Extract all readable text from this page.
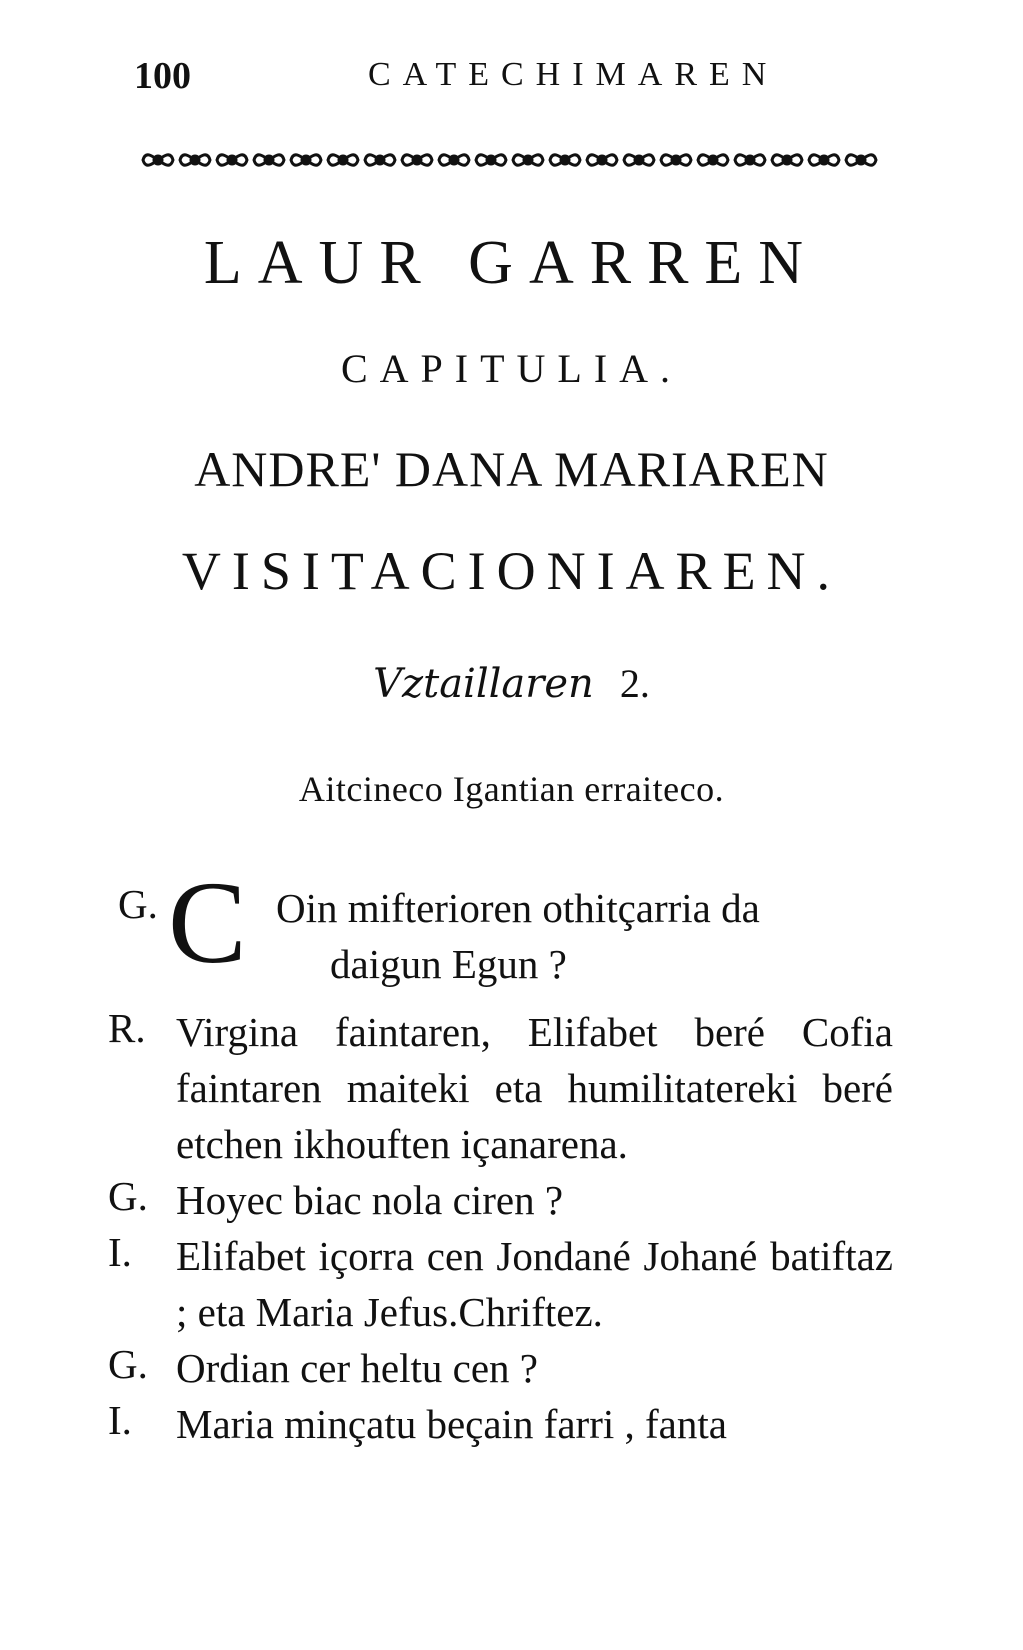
100	CATECHIMAREN
LAUR GARREN
CAPITULIA.
ANDRE' DANA MARIAREN
VISITACIONIAREN.
Vztaillaren 2.
Aitcineco Igantian erraiteco.
G. C Oin mifterioren othitçarria da
daigun Egun ?
R. Virgina faintaren, Elifabet beré Cofia faintaren maiteki eta humilitatereki beré etchen ikhouften içanarena.
G. Hoyec biac nola ciren ?
I. Elifabet içorra cen Jondané Johané batiftaz ; eta Maria Jefus.Chriftez.
G. Ordian cer heltu cen ?
I. Maria minçatu beçain farri , fanta
